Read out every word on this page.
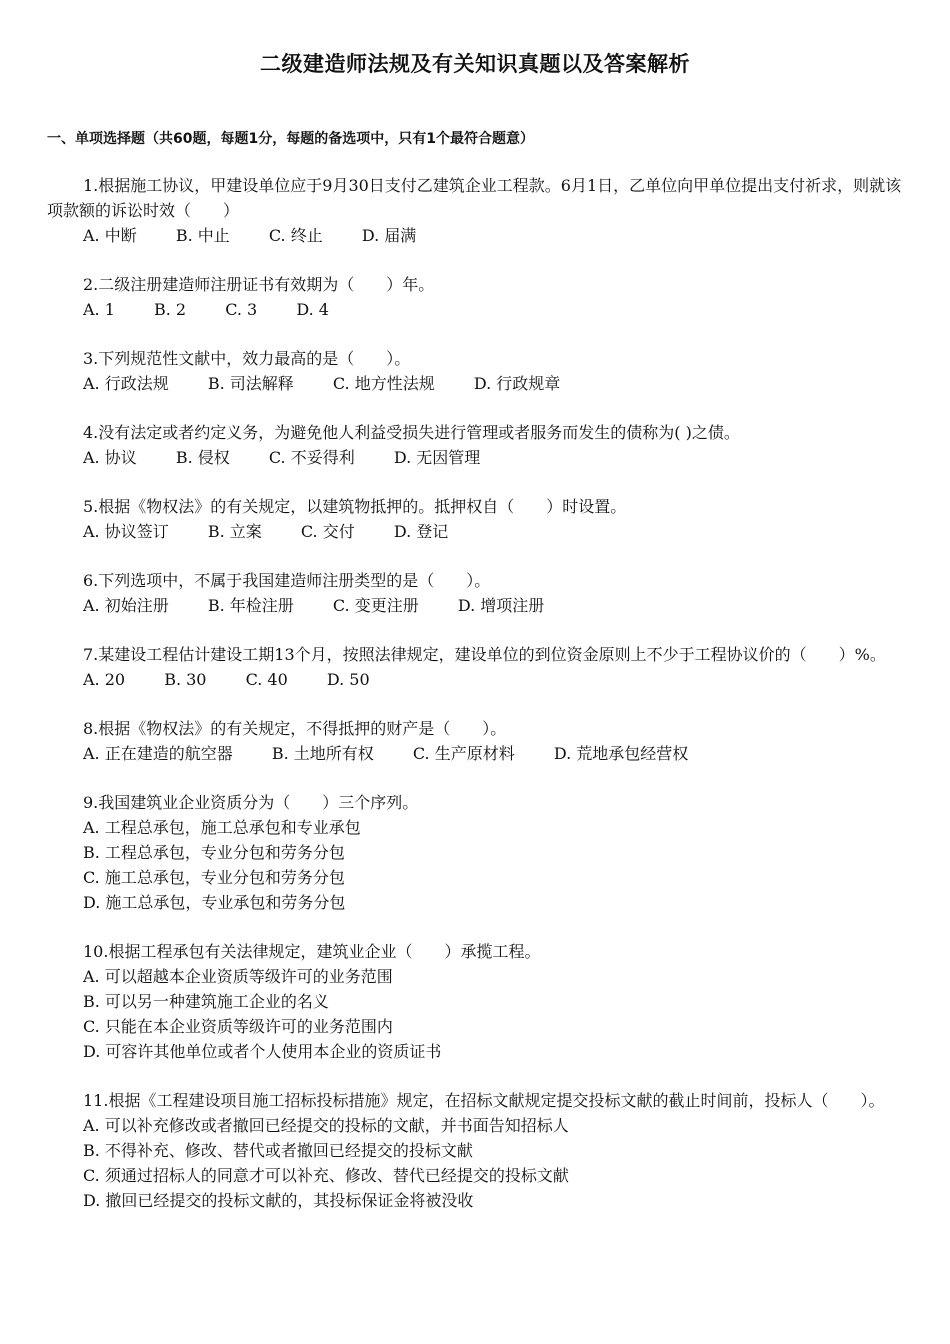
二级建造师法规及有关知识真题以及答案解析
一、单项选择题（共60题，每题1分，每题的备选项中，只有1个最符合题意）

1.根据施工协议，甲建设单位应于9月30日支付乙建筑企业工程款。6月1日，乙单位向甲单位提出支付祈求，则就该项款额的诉讼时效（　　）

A. 中断 B. 中止 C. 终止 D. 届满

2.二级注册建造师注册证书有效期为（　　）年。

A. 1 B. 2 C. 3 D. 4

3.下列规范性文献中，效力最高的是（　　）。

A. 行政法规 B. 司法解释 C. 地方性法规 D. 行政规章

4.没有法定或者约定义务，为避免他人利益受损失进行管理或者服务而发生的债称为( )之债。

A. 协议 B. 侵权 C. 不妥得利 D. 无因管理

5.根据《物权法》的有关规定，以建筑物抵押的。抵押权自（　　）时设置。

A. 协议签订 B. 立案 C. 交付 D. 登记

6.下列选项中，不属于我国建造师注册类型的是（　　）。

A. 初始注册 B. 年检注册 C. 变更注册 D. 增项注册

7.某建设工程估计建设工期13个月，按照法律规定，建设单位的到位资金原则上不少于工程协议价的（　　）%。

A. 20 B. 30 C. 40 D. 50

8.根据《物权法》的有关规定，不得抵押的财产是（　　）。

A. 正在建造的航空器 B. 土地所有权 C. 生产原材料 D. 荒地承包经营权

9.我国建筑业企业资质分为（　　）三个序列。

A. 工程总承包，施工总承包和专业承包

B. 工程总承包，专业分包和劳务分包

C. 施工总承包，专业分包和劳务分包

D. 施工总承包，专业承包和劳务分包

10.根据工程承包有关法律规定，建筑业企业（　　）承揽工程。

A. 可以超越本企业资质等级许可的业务范围

B. 可以另一种建筑施工企业的名义

C. 只能在本企业资质等级许可的业务范围内

D. 可容许其他单位或者个人使用本企业的资质证书

11.根据《工程建设项目施工招标投标措施》规定，在招标文献规定提交投标文献的截止时间前，投标人（　　）。

A. 可以补充修改或者撤回已经提交的投标的文献，并书面告知招标人

B. 不得补充、修改、替代或者撤回已经提交的投标文献

C. 须通过招标人的同意才可以补充、修改、替代已经提交的投标文献

D. 撤回已经提交的投标文献的，其投标保证金将被没收
